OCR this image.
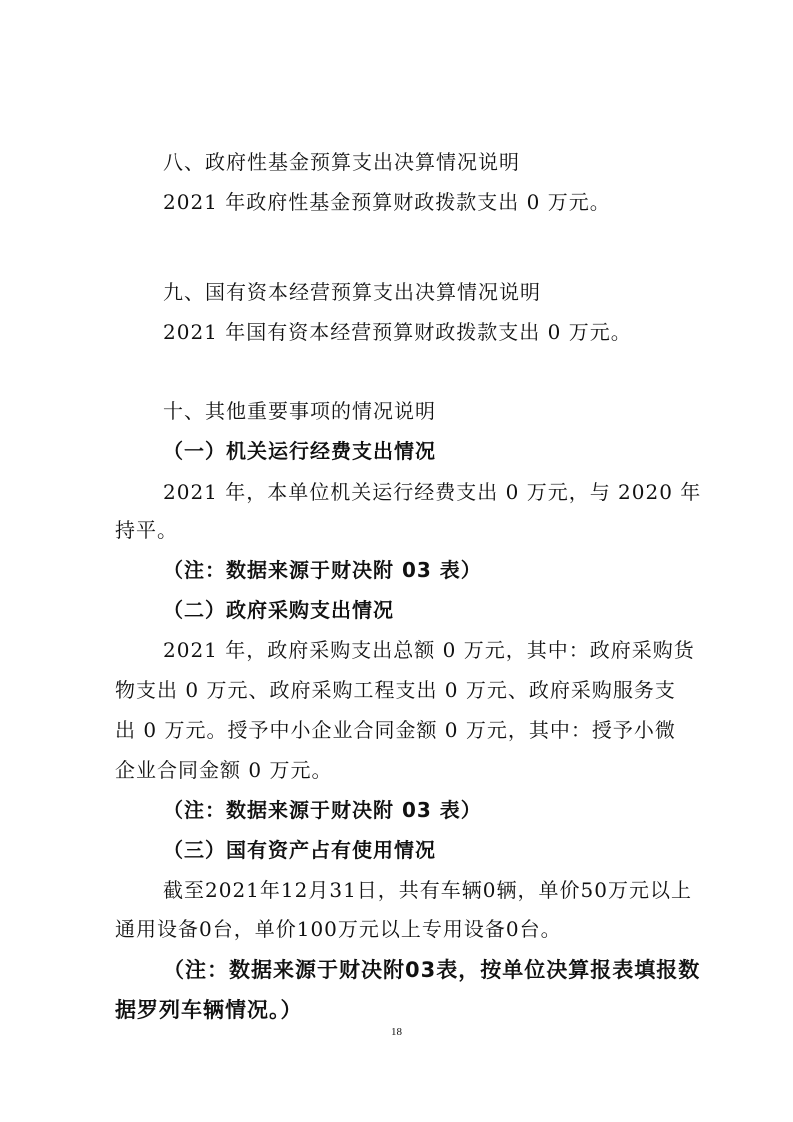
八、政府性基金预算支出决算情况说明
2021 年政府性基金预算财政拨款支出 0 万元。
九、国有资本经营预算支出决算情况说明
2021 年国有资本经营预算财政拨款支出 0 万元。
十、其他重要事项的情况说明
（一）机关运行经费支出情况
2021 年，本单位机关运行经费支出 0 万元，与 2020 年
持平。
（注：数据来源于财决附 03 表）
（二）政府采购支出情况
2021 年，政府采购支出总额 0 万元，其中：政府采购货
物支出 0 万元、政府采购工程支出 0 万元、政府采购服务支
出 0 万元。授予中小企业合同金额 0 万元，其中：授予小微
企业合同金额 0 万元。
（注：数据来源于财决附 03 表）
（三）国有资产占有使用情况
截至2021年12月31日，共有车辆0辆，单价50万元以上
通用设备0台，单价100万元以上专用设备0台。
（注：数据来源于财决附03表，按单位决算报表填报数
据罗列车辆情况。）
18
